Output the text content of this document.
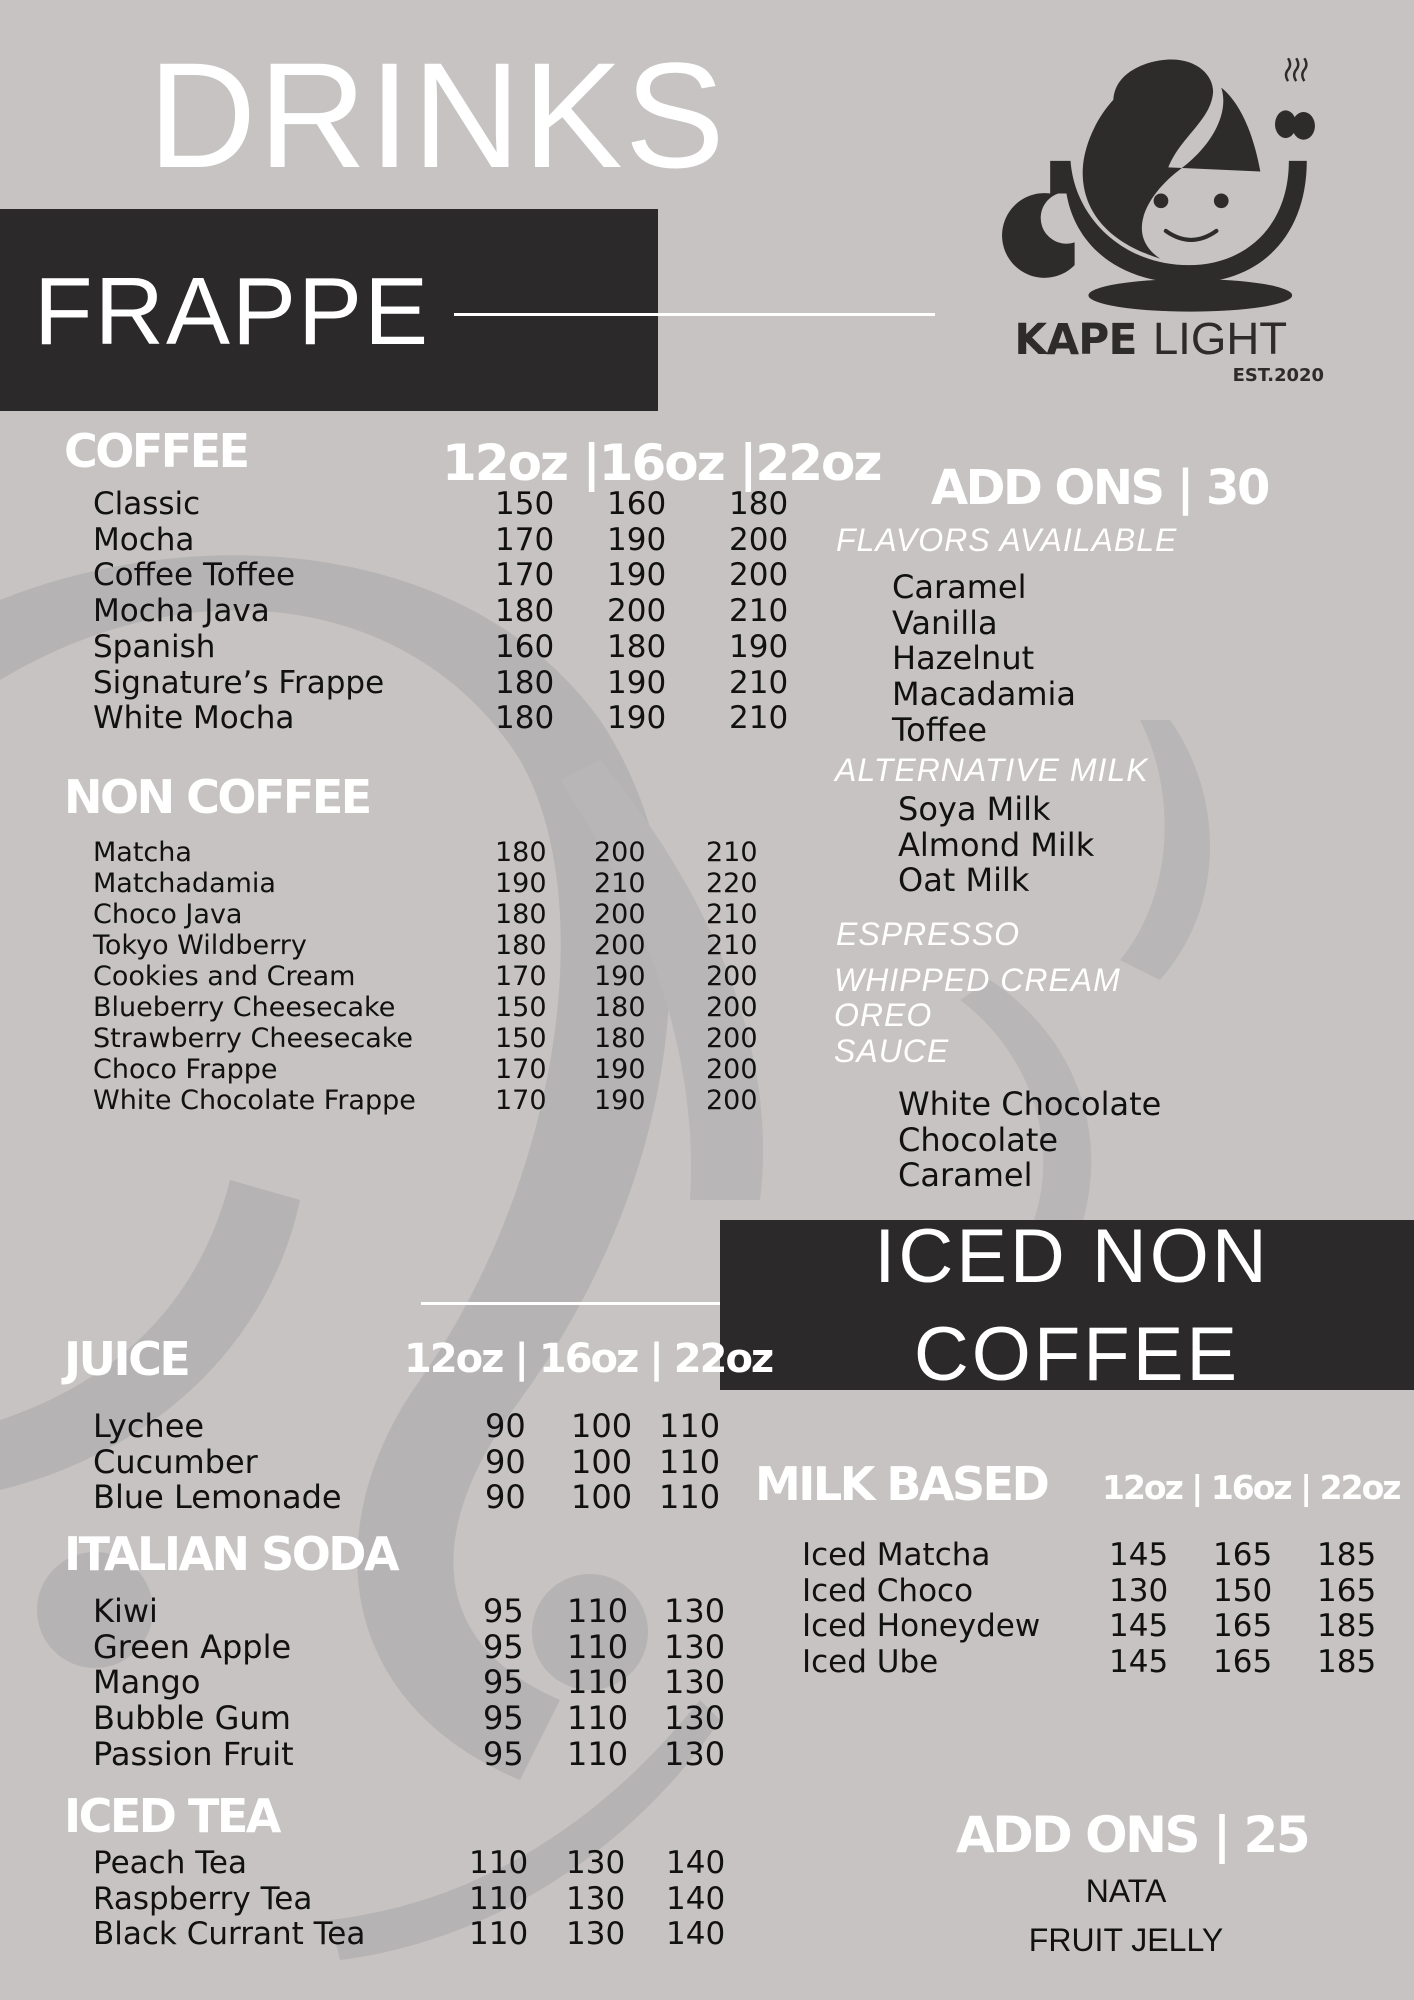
DRINKS
FRAPPE	KAPE LIGHT
EST.2020
COFFEE	12oz |16oz |22oz
Classic	150 160 180
Mocha	170 190 200
Coffee Toffee	170 190 200
Mocha Java	180 200 210
Spanish	160 180 190
Signature’s Frappe	180 190 210
White Mocha	180 190 210
NON COFFEE
Matcha	180 200 210
Matchadamia	190 210 220
Choco Java	180 200 210
Tokyo Wildberry	180 200 210
Cookies and Cream	170 190 200
Blueberry Cheesecake	150 180 200
Strawberry Cheesecake	150 180 200
Choco Frappe	170 190 200
White Chocolate Frappe	170 190 200
ADD ONS | 30
FLAVORS AVAILABLE
Caramel
Vanilla
Hazelnut
Macadamia
Toffee
ALTERNATIVE MILK
Soya Milk
Almond Milk
Oat Milk
ESPRESSO
WHIPPED CREAM
OREO
SAUCE
White Chocolate
Chocolate
Caramel
ICED NON
COFFEE
JUICE	12oz | 16oz | 22oz
Lychee	90 100 110
Cucumber	90 100 110
Blue Lemonade	90 100 110
ITALIAN SODA
Kiwi	95 110 130
Green Apple	95 110 130
Mango	95 110 130
Bubble Gum	95 110 130
Passion Fruit	95 110 130
ICED TEA
Peach Tea	110 130 140
Raspberry Tea	110 130 140
Black Currant Tea	110 130 140
MILK BASED 12oz | 16oz | 22oz
Iced Matcha	145 165 185
Iced Choco	130 150 165
Iced Honeydew 145 165 185
Iced Ube	145 165 185
ADD ONS | 25
NATA
FRUIT JELLY
